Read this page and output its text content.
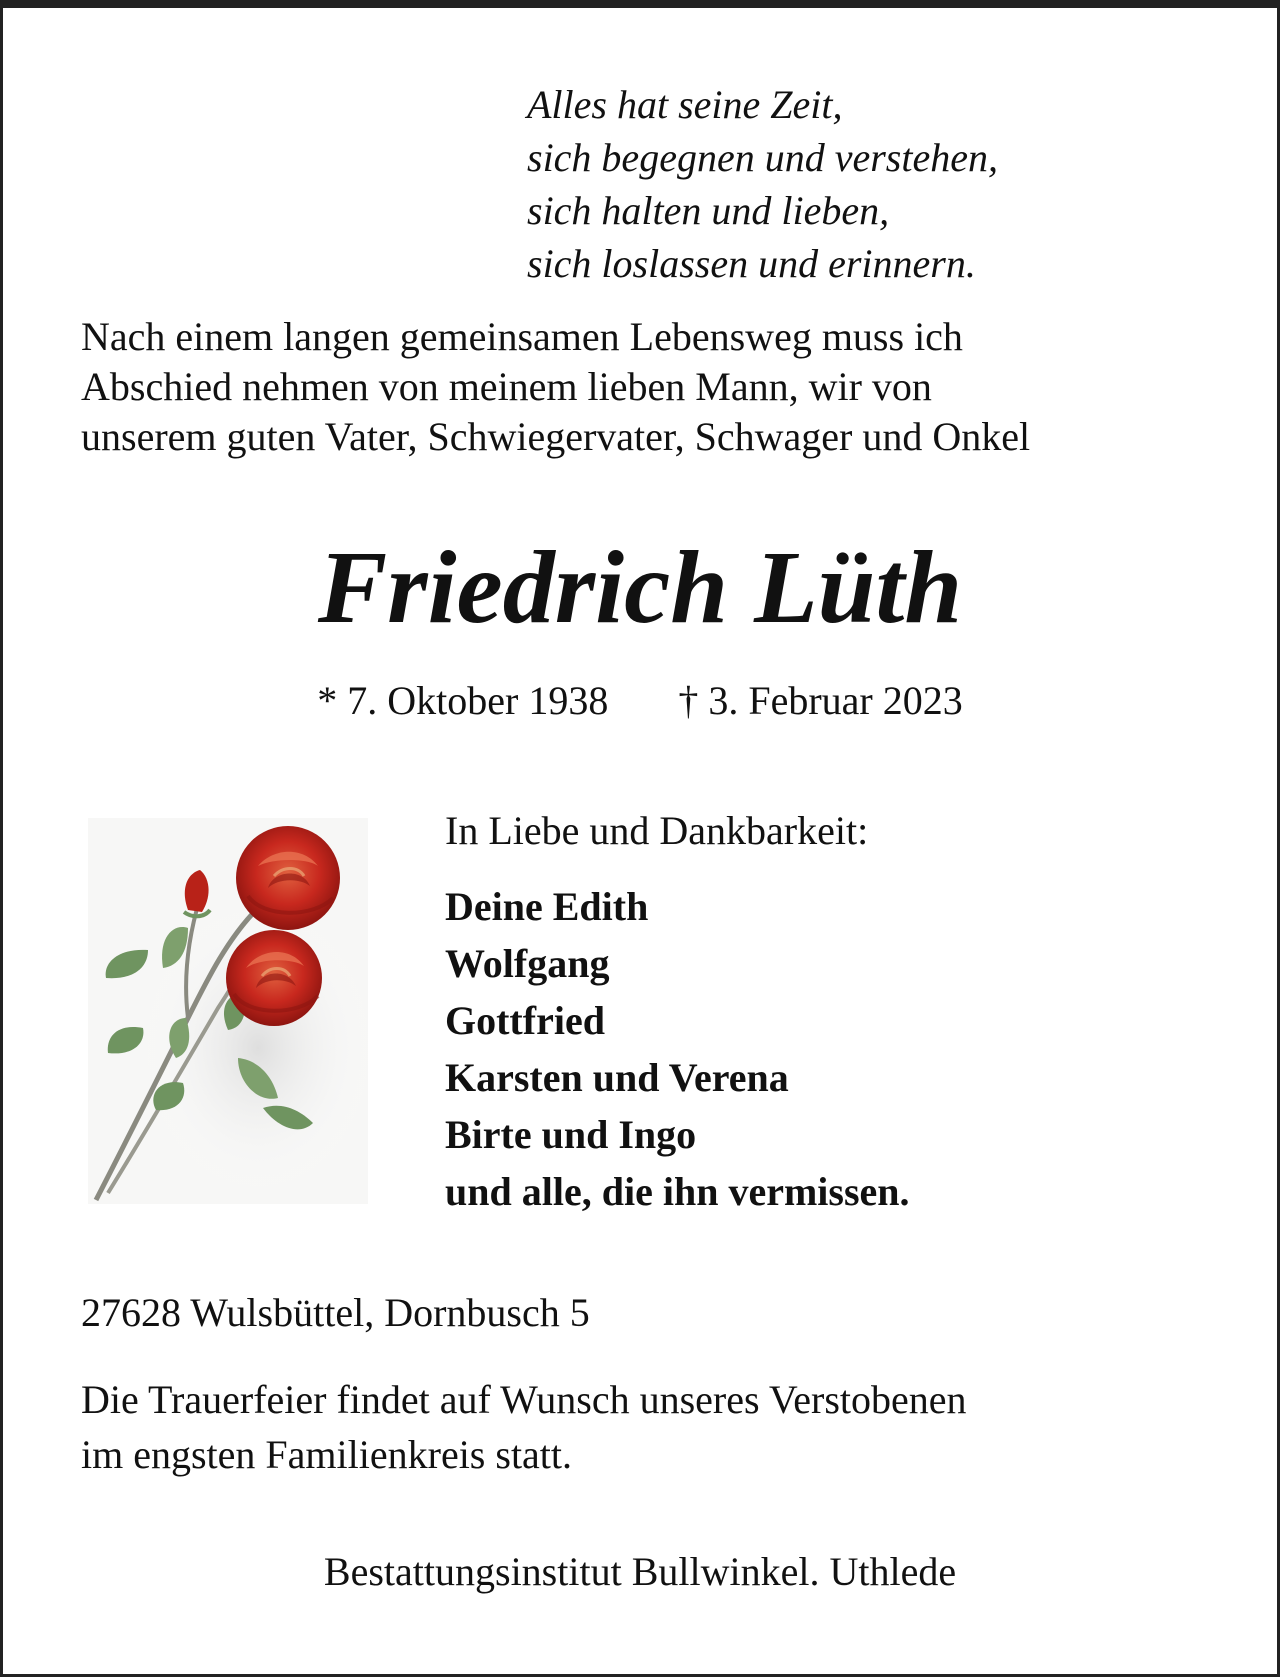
Alles hat seine Zeit,
sich begegnen und verstehen,
sich halten und lieben,
sich loslassen und erinnern.
Nach einem langen gemeinsamen Lebensweg muss ich
Abschied nehmen von meinem lieben Mann, wir von
unserem guten Vater, Schwiegervater, Schwager und Onkel
Friedrich Lüth
* 7. Oktober 1938 † 3. Februar 2023
In Liebe und Dankbarkeit:
Deine Edith
Wolfgang
Gottfried
Karsten und Verena
Birte und Ingo
und alle, die ihn vermissen.
27628 Wulsbüttel, Dornbusch 5
Die Trauerfeier findet auf Wunsch unseres Verstobenen
im engsten Familienkreis statt.
Bestattungsinstitut Bullwinkel. Uthlede
